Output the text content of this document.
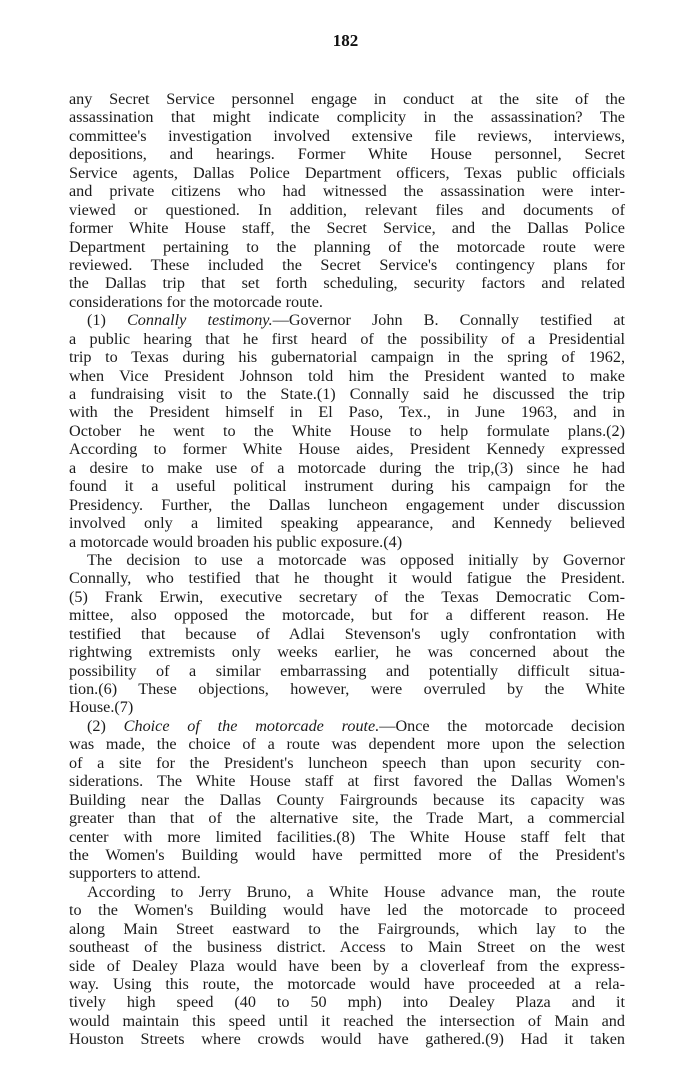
182
any Secret Service personnel engage in conduct at the site of the
assassination that might indicate complicity in the assassination? The
committee's investigation involved extensive file reviews, interviews,
depositions, and hearings. Former White House personnel, Secret
Service agents, Dallas Police Department officers, Texas public officials
and private citizens who had witnessed the assassination were inter-
viewed or questioned. In addition, relevant files and documents of
former White House staff, the Secret Service, and the Dallas Police
Department pertaining to the planning of the motorcade route were
reviewed. These included the Secret Service's contingency plans for
the Dallas trip that set forth scheduling, security factors and related
considerations for the motorcade route.
(1) Connally testimony.—Governor John B. Connally testified at
a public hearing that he first heard of the possibility of a Presidential
trip to Texas during his gubernatorial campaign in the spring of 1962,
when Vice President Johnson told him the President wanted to make
a fundraising visit to the State.(1) Connally said he discussed the trip
with the President himself in El Paso, Tex., in June 1963, and in
October he went to the White House to help formulate plans.(2)
According to former White House aides, President Kennedy expressed
a desire to make use of a motorcade during the trip,(3) since he had
found it a useful political instrument during his campaign for the
Presidency. Further, the Dallas luncheon engagement under discussion
involved only a limited speaking appearance, and Kennedy believed
a motorcade would broaden his public exposure.(4)
The decision to use a motorcade was opposed initially by Governor
Connally, who testified that he thought it would fatigue the President.
(5) Frank Erwin, executive secretary of the Texas Democratic Com-
mittee, also opposed the motorcade, but for a different reason. He
testified that because of Adlai Stevenson's ugly confrontation with
rightwing extremists only weeks earlier, he was concerned about the
possibility of a similar embarrassing and potentially difficult situa-
tion.(6) These objections, however, were overruled by the White
House.(7)
(2) Choice of the motorcade route.—Once the motorcade decision
was made, the choice of a route was dependent more upon the selection
of a site for the President's luncheon speech than upon security con-
siderations. The White House staff at first favored the Dallas Women's
Building near the Dallas County Fairgrounds because its capacity was
greater than that of the alternative site, the Trade Mart, a commercial
center with more limited facilities.(8) The White House staff felt that
the Women's Building would have permitted more of the President's
supporters to attend.
According to Jerry Bruno, a White House advance man, the route
to the Women's Building would have led the motorcade to proceed
along Main Street eastward to the Fairgrounds, which lay to the
southeast of the business district. Access to Main Street on the west
side of Dealey Plaza would have been by a cloverleaf from the express-
way. Using this route, the motorcade would have proceeded at a rela-
tively high speed (40 to 50 mph) into Dealey Plaza and it
would maintain this speed until it reached the intersection of Main and
Houston Streets where crowds would have gathered.(9) Had it taken
